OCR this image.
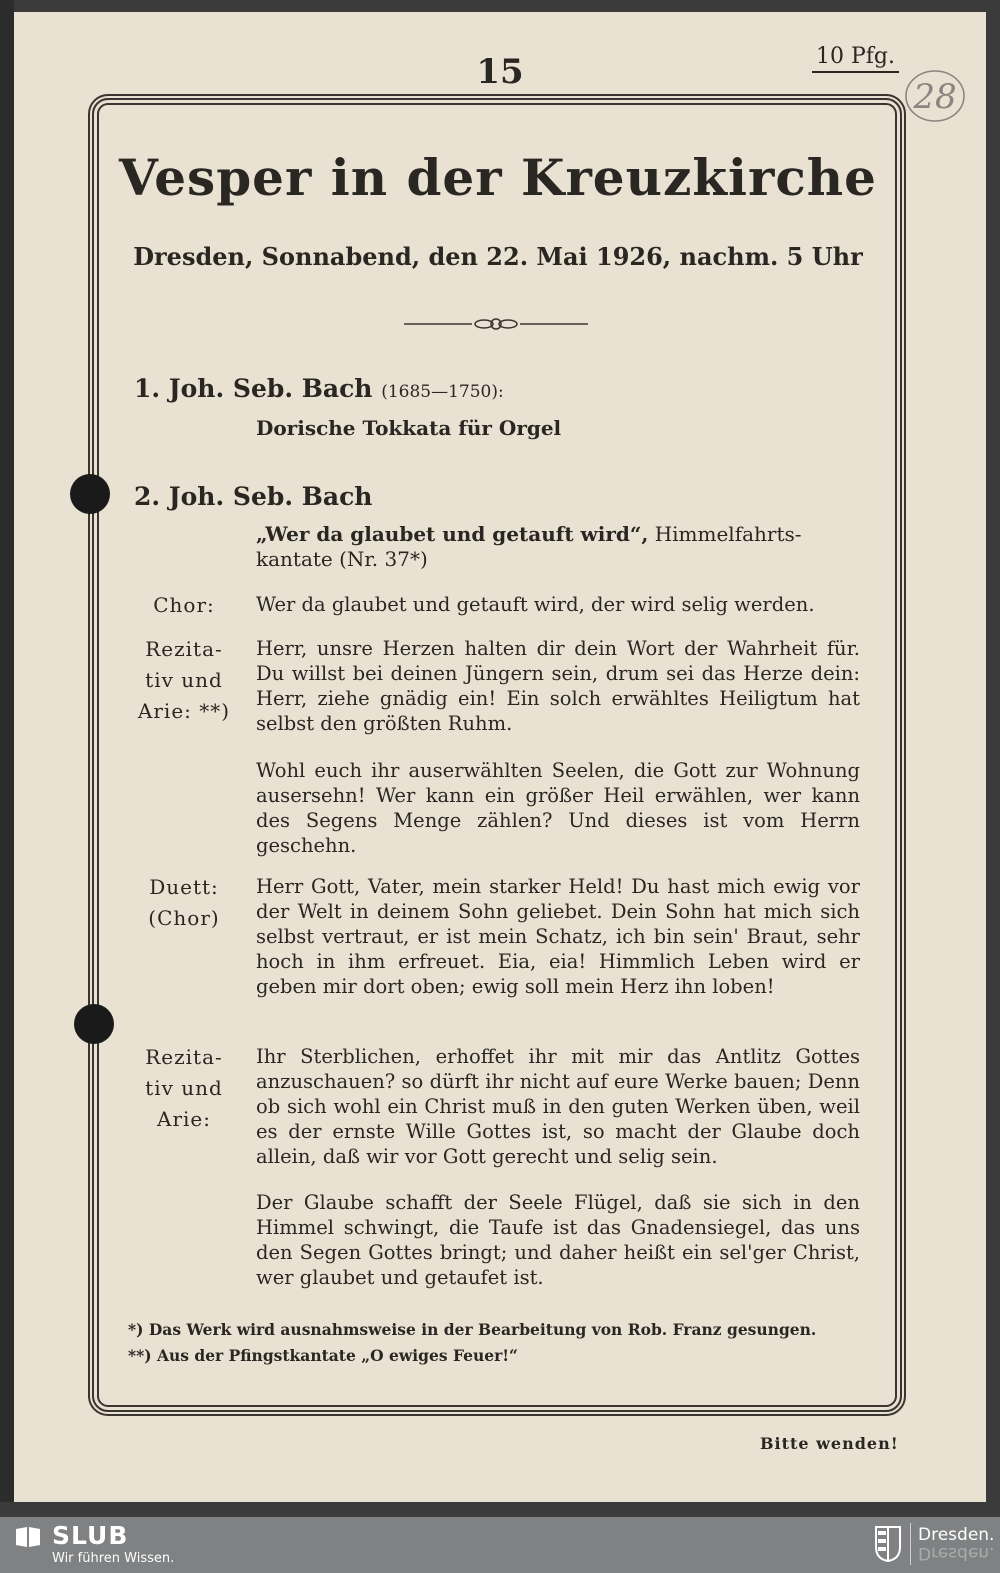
15	10 Pfg.
28
Vesper in der Kreuzkirche
Dresden, Sonnabend, den 22. Mai 1926, nachm. 5 Uhr
1. Joh. Seb. Bach (1685—1750):
Dorische Tokkata für Orgel
2. Joh. Seb. Bach
„Wer da glaubet und getauft wird“, Himmelfahrts-kantate (Nr. 37*)
Chor:	Wer da glaubet und getauft wird, der wird selig werden.
Rezita-
tiv und
Arie: **)
Herr, unsre Herzen halten dir dein Wort der Wahrheit für. Du willst bei deinen Jüngern sein, drum sei das Herze dein: Herr, ziehe gnädig ein! Ein solch erwähltes Heiligtum hat selbst den größten Ruhm.
Wohl euch ihr auserwählten Seelen, die Gott zur Wohnung ausersehn! Wer kann ein größer Heil erwählen, wer kann des Segens Menge zählen? Und dieses ist vom Herrn geschehn.
Duett:
(Chor)
Herr Gott, Vater, mein starker Held! Du hast mich ewig vor der Welt in deinem Sohn geliebet. Dein Sohn hat mich sich selbst vertraut, er ist mein Schatz, ich bin sein' Braut, sehr hoch in ihm erfreuet. Eia, eia! Himmlich Leben wird er geben mir dort oben; ewig soll mein Herz ihn loben!
Rezita-
tiv und
Arie:
Ihr Sterblichen, erhoffet ihr mit mir das Antlitz Gottes anzuschauen? so dürft ihr nicht auf eure Werke bauen; Denn ob sich wohl ein Christ muß in den guten Werken üben, weil es der ernste Wille Gottes ist, so macht der Glaube doch allein, daß wir vor Gott gerecht und selig sein.
Der Glaube schafft der Seele Flügel, daß sie sich in den Himmel schwingt, die Taufe ist das Gnadensiegel, das uns den Segen Gottes bringt; und daher heißt ein sel'ger Christ, wer glaubet und getaufet ist.
*) Das Werk wird ausnahmsweise in der Bearbeitung von Rob. Franz gesungen.
**) Aus der Pfingstkantate „O ewiges Feuer!“
Bitte wenden!
SLUB
Wir führen Wissen.
Dresden.
Dresden.
